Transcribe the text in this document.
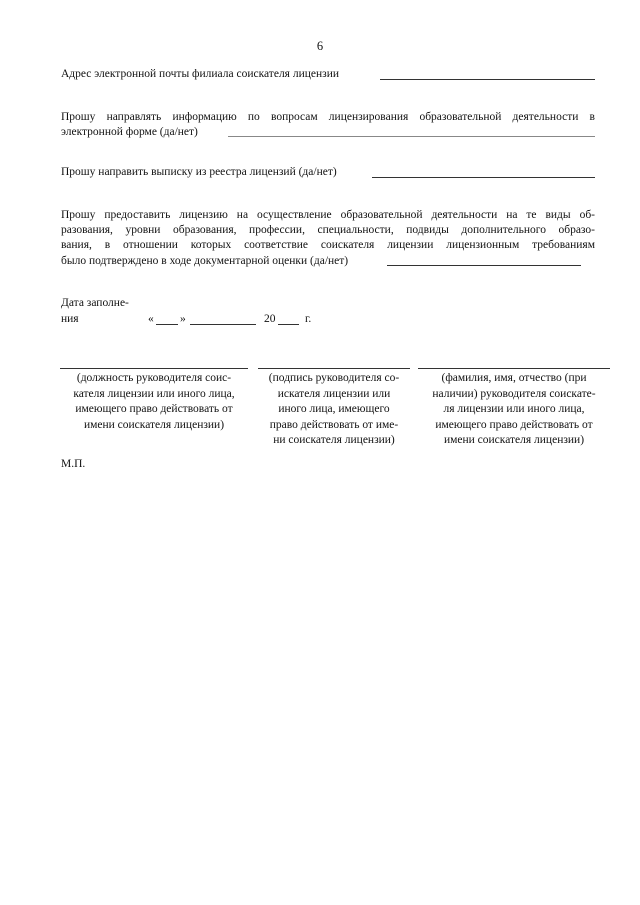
6
Адрес электронной почты филиала соискателя лицензии
Прошу направлять информацию по вопросам лицензирования образовательной деятельности в
электронной форме (да/нет)
Прошу направить выписку из реестра лицензий (да/нет)
Прошу предоставить лицензию на осуществление образовательной деятельности на те виды об-
разования, уровни образования, профессии, специальности, подвиды дополнительного образо-
вания, в отношении которых соответствие соискателя лицензии лицензионным требованиям
было подтверждено в ходе документарной оценки (да/нет)
Дата заполне-
ния	« »	20	г.
(должность руководителя соис-
кателя лицензии или иного лица,
имеющего право действовать от
имени соискателя лицензии)
(подпись руководителя со-
искателя лицензии или
иного лица, имеющего
право действовать от име-
ни соискателя лицензии)
(фамилия, имя, отчество (при
наличии) руководителя соискате-
ля лицензии или иного лица,
имеющего право действовать от
имени соискателя лицензии)
М.П.
